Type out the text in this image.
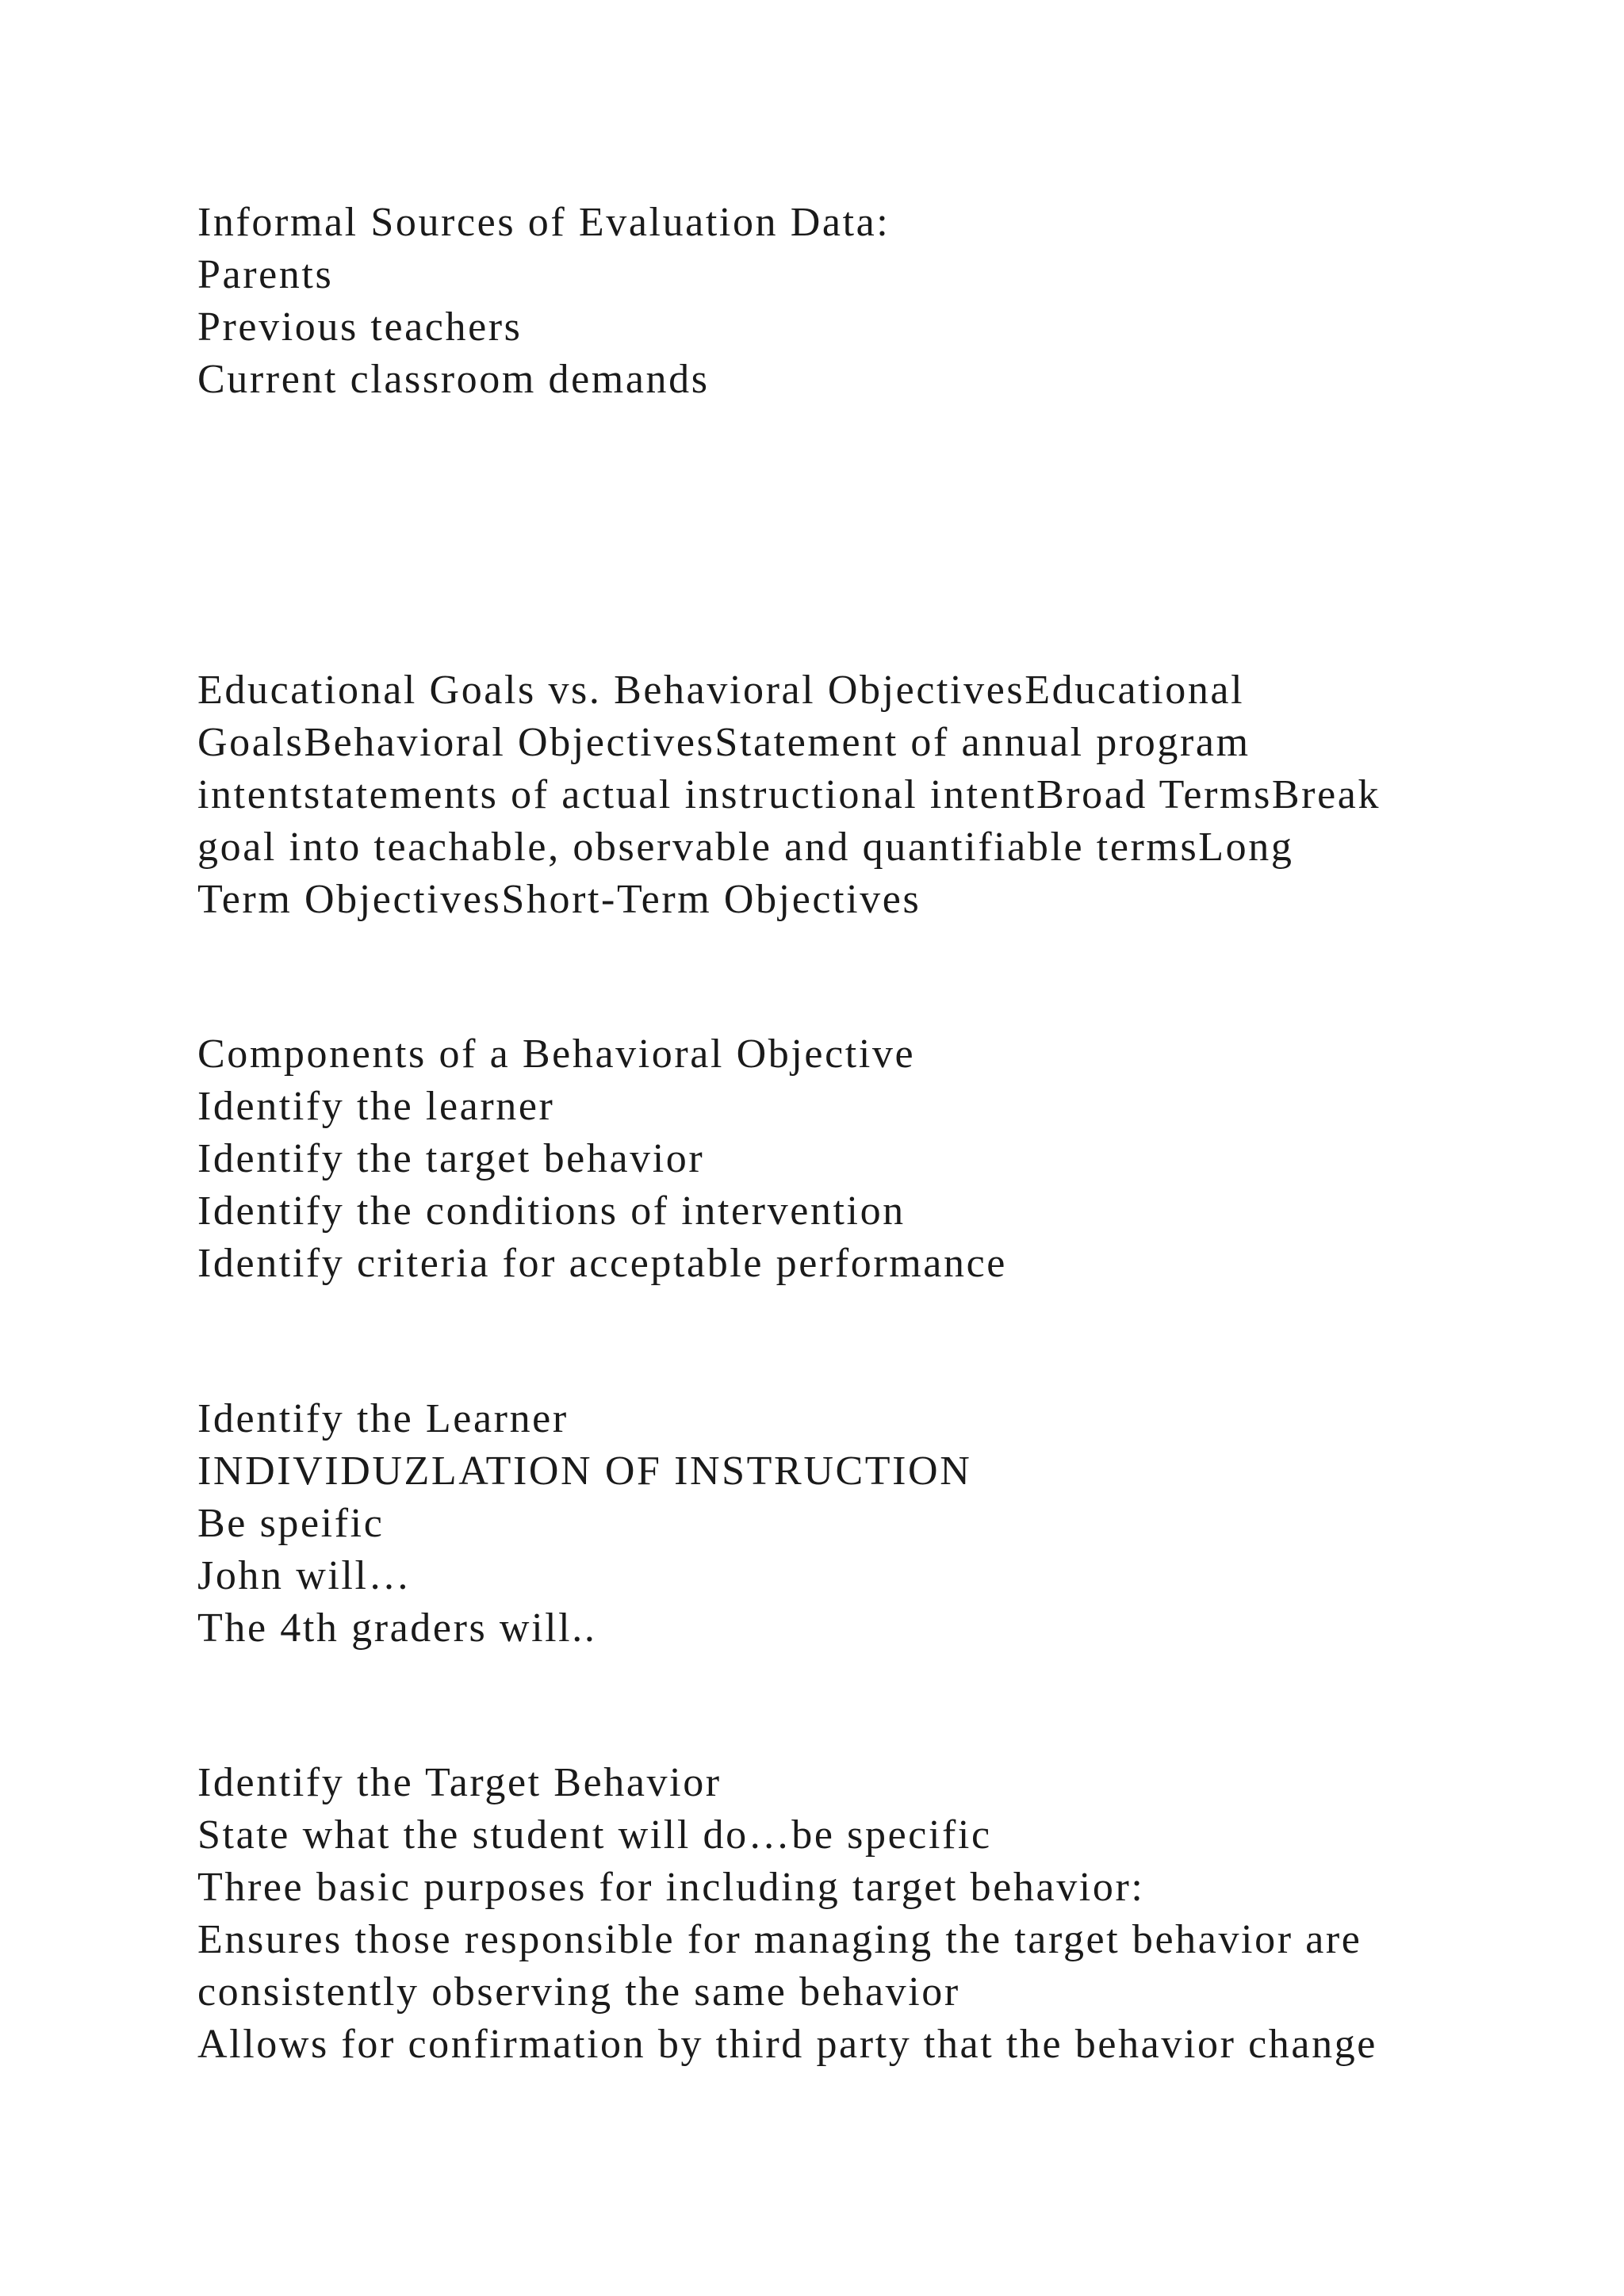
Informal Sources of Evaluation Data:
Parents
Previous teachers
Current classroom demands
Educational Goals vs. Behavioral ObjectivesEducational
GoalsBehavioral ObjectivesStatement of annual program
intentstatements of actual instructional intentBroad TermsBreak
goal into teachable, observable and quantifiable termsLong
Term ObjectivesShort-Term Objectives
Components of a Behavioral Objective
Identify the learner
Identify the target behavior
Identify the conditions of intervention
Identify criteria for acceptable performance
Identify the Learner
INDIVIDUZLATION OF INSTRUCTION
Be speific
John will…
The 4th graders will..
Identify the Target Behavior
State what the student will do…be specific
Three basic purposes for including target behavior:
Ensures those responsible for managing the target behavior are
consistently observing the same behavior
Allows for confirmation by third party that the behavior change
